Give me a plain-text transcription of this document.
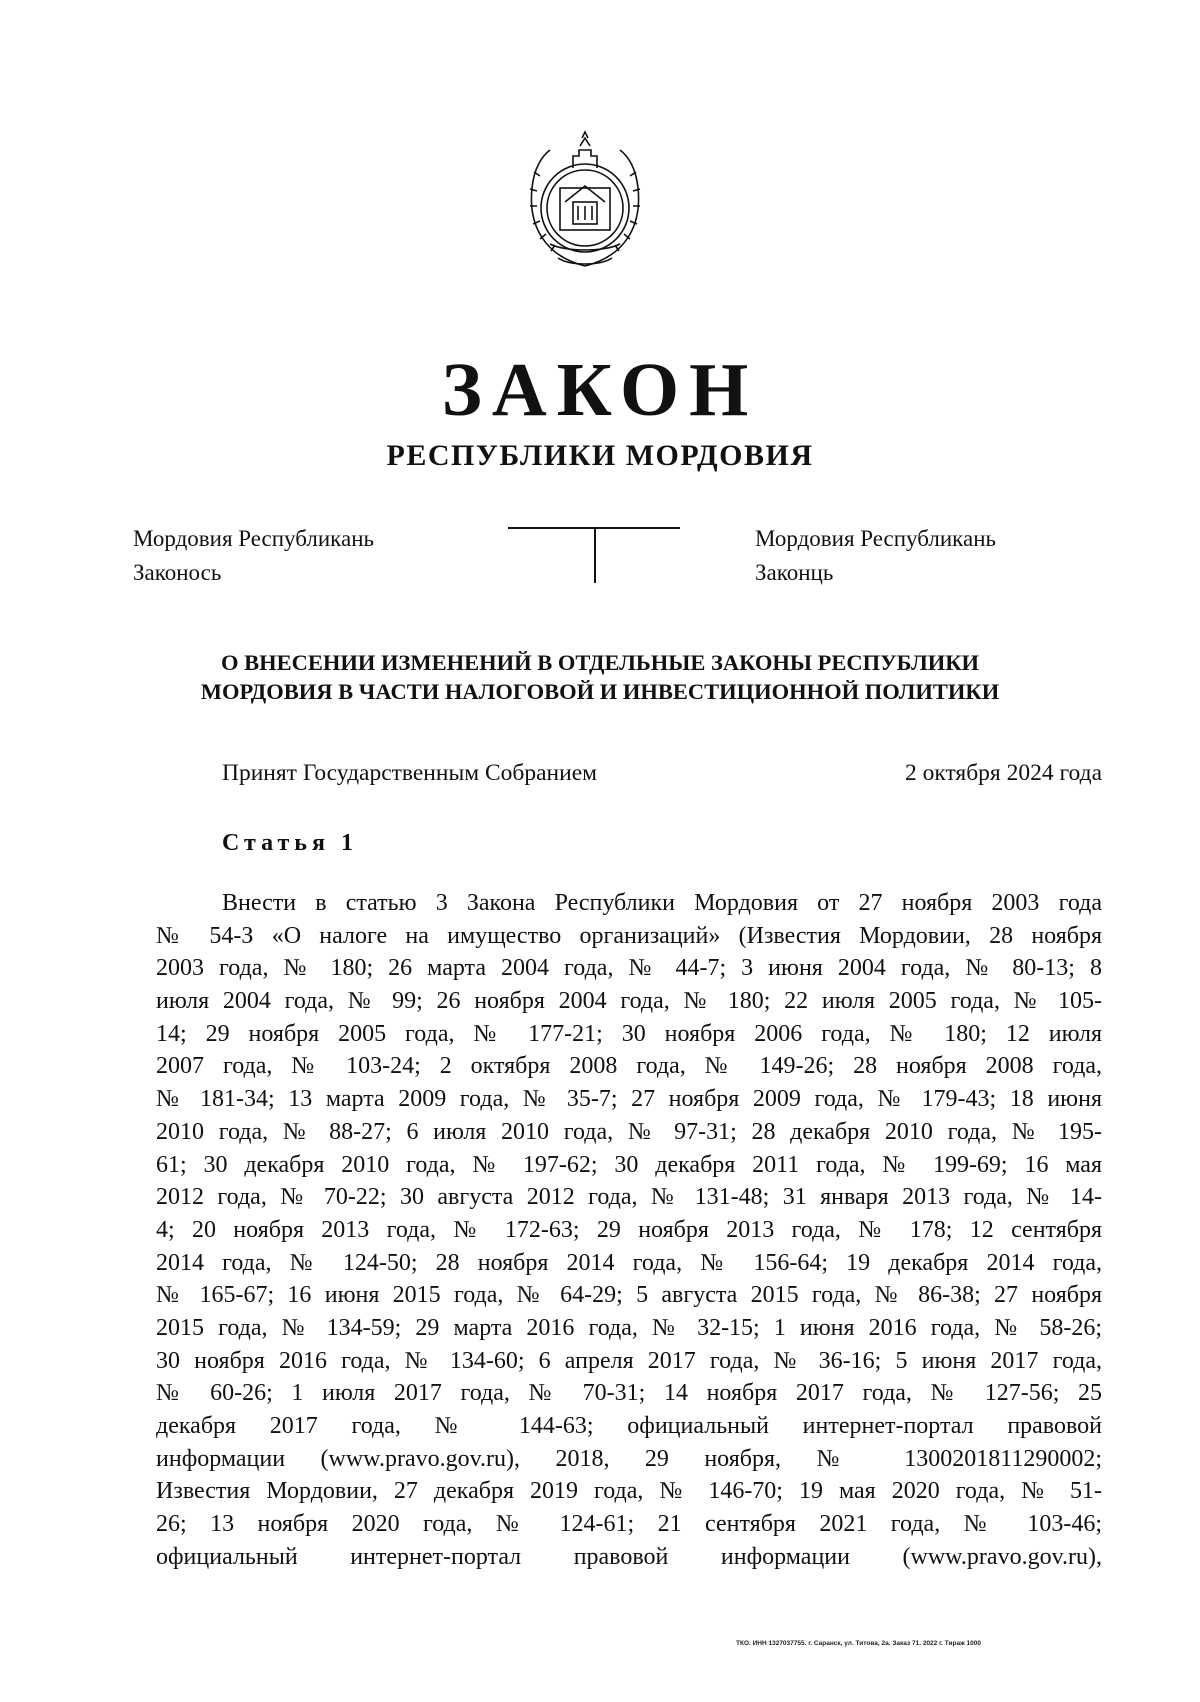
ЗАКОН
РЕСПУБЛИКИ МОРДОВИЯ
Мордовия Республикань
Законось
Мордовия Республикань
Законць
О ВНЕСЕНИИ ИЗМЕНЕНИЙ В ОТДЕЛЬНЫЕ ЗАКОНЫ РЕСПУБЛИКИ
МОРДОВИЯ В ЧАСТИ НАЛОГОВОЙ И ИНВЕСТИЦИОННОЙ ПОЛИТИКИ
Принят Государственным Собранием	2 октября 2024 года
Статья 1
Внести в статью 3 Закона Республики Мордовия от 27 ноября 2003 года
№ 54-З «О налоге на имущество организаций» (Известия Мордовии, 28 ноября
2003 года, № 180; 26 марта 2004 года, № 44-7; 3 июня 2004 года, № 80-13; 8
июля 2004 года, № 99; 26 ноября 2004 года, № 180; 22 июля 2005 года, № 105-
14; 29 ноября 2005 года, № 177-21; 30 ноября 2006 года, № 180; 12 июля
2007 года, № 103-24; 2 октября 2008 года, № 149-26; 28 ноября 2008 года,
№ 181-34; 13 марта 2009 года, № 35-7; 27 ноября 2009 года, № 179-43; 18 июня
2010 года, № 88-27; 6 июля 2010 года, № 97-31; 28 декабря 2010 года, № 195-
61; 30 декабря 2010 года, № 197-62; 30 декабря 2011 года, № 199-69; 16 мая
2012 года, № 70-22; 30 августа 2012 года, № 131-48; 31 января 2013 года, № 14-
4; 20 ноября 2013 года, № 172-63; 29 ноября 2013 года, № 178; 12 сентября
2014 года, № 124-50; 28 ноября 2014 года, № 156-64; 19 декабря 2014 года,
№ 165-67; 16 июня 2015 года, № 64-29; 5 августа 2015 года, № 86-38; 27 ноября
2015 года, № 134-59; 29 марта 2016 года, № 32-15; 1 июня 2016 года, № 58-26;
30 ноября 2016 года, № 134-60; 6 апреля 2017 года, № 36-16; 5 июня 2017 года,
№ 60-26; 1 июля 2017 года, № 70-31; 14 ноября 2017 года, № 127-56; 25
декабря 2017 года, № 144-63; официальный интернет-портал правовой
информации (www.pravo.gov.ru), 2018, 29 ноября, № 1300201811290002;
Известия Мордовии, 27 декабря 2019 года, № 146-70; 19 мая 2020 года, № 51-
26; 13 ноября 2020 года, № 124-61; 21 сентября 2021 года, № 103-46;
официальный интернет-портал правовой информации (www.pravo.gov.ru),
ТКО. ИНН 1327037755. г. Саранск, ул. Титова, 2а. Заказ 71. 2022 г. Тираж 1000
